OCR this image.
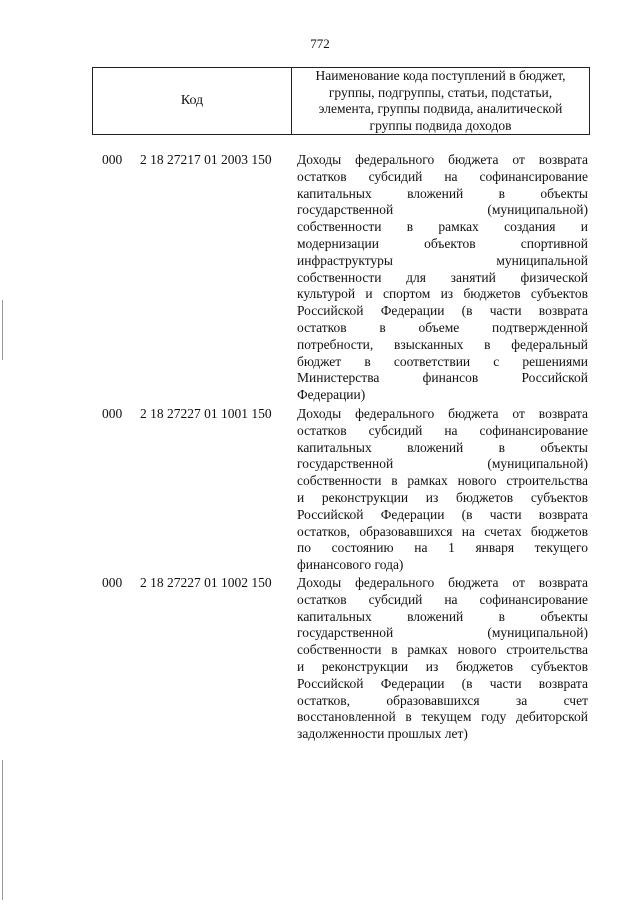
772
Код
Наименование кода поступлений в бюджет,
группы, подгруппы, статьи, подстатьи,
элемента, группы подвида, аналитической
группы подвида доходов
000 2 18 27217 01 2003 150 Доходы федерального бюджета от возврата
остатков субсидий на софинансирование
капитальных вложений в объекты
государственной (муниципальной)
собственности в рамках создания и
модернизации объектов спортивной
инфраструктуры муниципальной
собственности для занятий физической
культурой и спортом из бюджетов субъектов
Российской Федерации (в части возврата
остатков в объеме подтвержденной
потребности, взысканных в федеральный
бюджет в соответствии с решениями
Министерства финансов Российской
Федерации)
000 2 18 27227 01 1001 150 Доходы федерального бюджета от возврата
остатков субсидий на софинансирование
капитальных вложений в объекты
государственной (муниципальной)
собственности в рамках нового строительства
и реконструкции из бюджетов субъектов
Российской Федерации (в части возврата
остатков, образовавшихся на счетах бюджетов
по состоянию на 1 января текущего
финансового года)
000 2 18 27227 01 1002 150 Доходы федерального бюджета от возврата
остатков субсидий на софинансирование
капитальных вложений в объекты
государственной (муниципальной)
собственности в рамках нового строительства
и реконструкции из бюджетов субъектов
Российской Федерации (в части возврата
остатков, образовавшихся за счет
восстановленной в текущем году дебиторской
задолженности прошлых лет)
